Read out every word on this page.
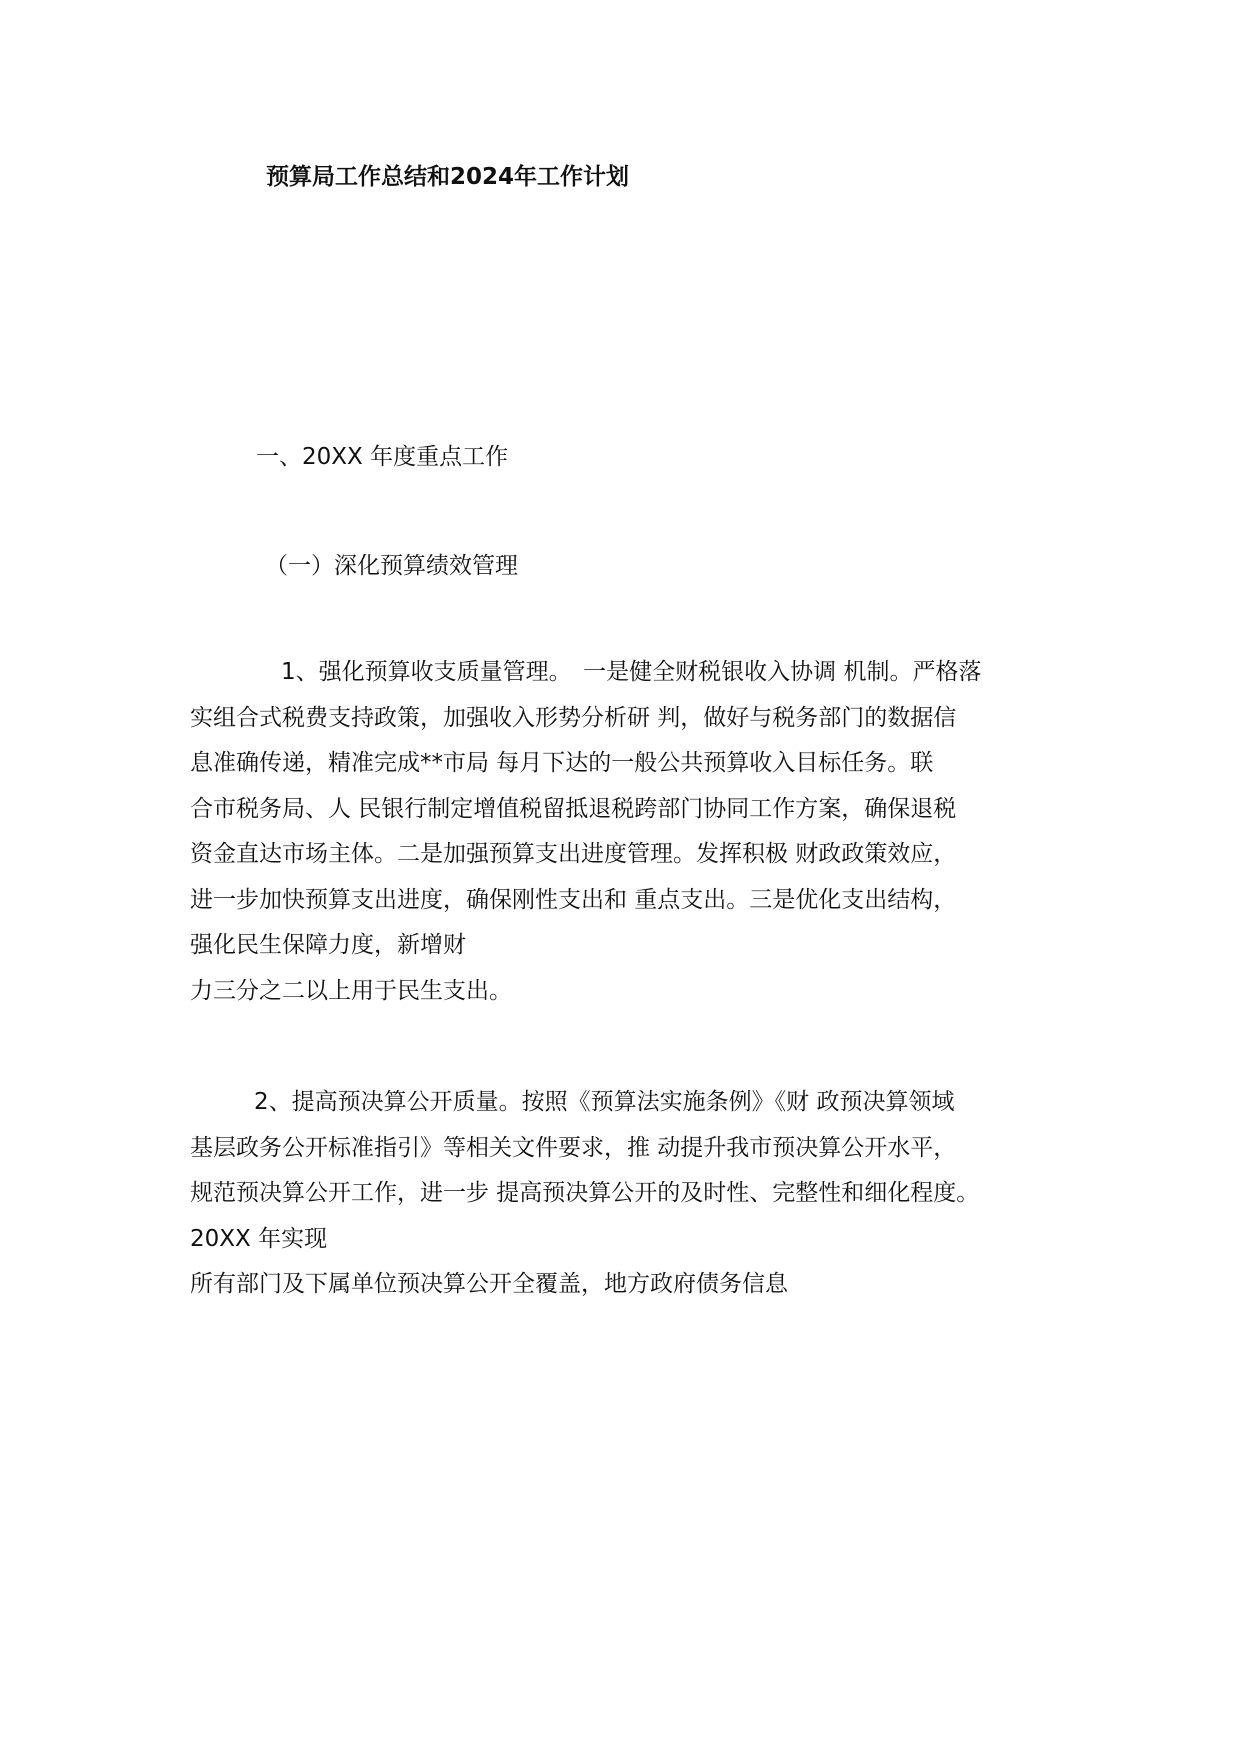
预算局工作总结和2024年工作计划
一、20XX 年度重点工作
（一）深化预算绩效管理
　1、强化预算收支质量管理。　一是健全财税银收入协调 机制。严格落
实组合式税费支持政策，加强收入形势分析研 判，做好与税务部门的数据信
息准确传递，精准完成**市局 每月下达的一般公共预算收入目标任务。联
合市税务局、人 民银行制定增值税留抵退税跨部门协同工作方案，确保退税
资金直达市场主体。二是加强预算支出进度管理。发挥积极 财政政策效应，
进一步加快预算支出进度，确保刚性支出和 重点支出。三是优化支出结构，
强化民生保障力度，新增财
力三分之二以上用于民生支出。
2、提高预决算公开质量。按照《预算法实施条例》《财 政预决算领域
基层政务公开标准指引》等相关文件要求，推 动提升我市预决算公开水平，
规范预决算公开工作，进一步 提高预决算公开的及时性、完整性和细化程度。
20XX 年实现
所有部门及下属单位预决算公开全覆盖，地方政府债务信息
